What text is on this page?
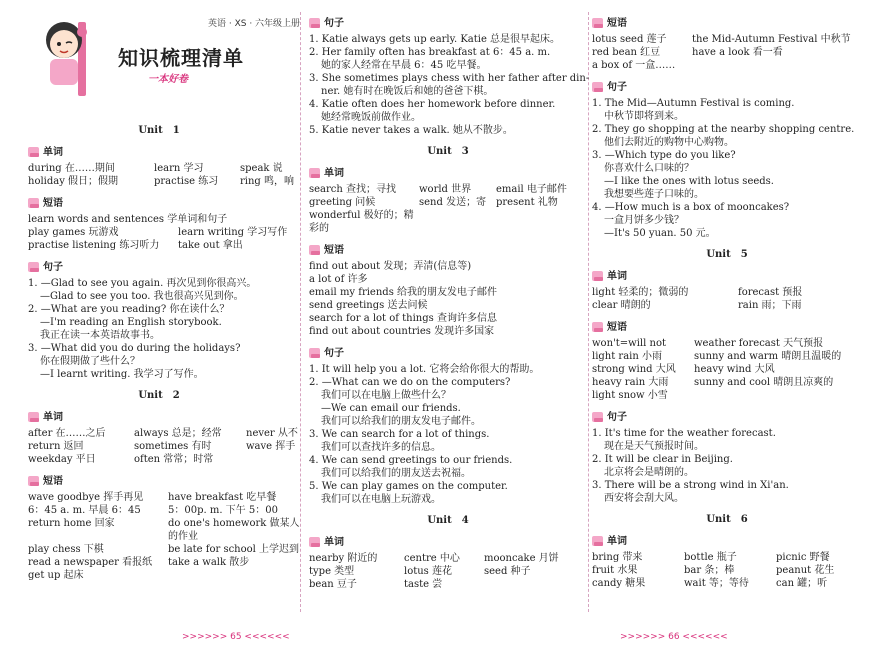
英语 · XS · 六年级上册
知识梳理清单
一本好卷
Unit　1
单词
during 在……期间	learn 学习	speak 说
holiday 假日；假期	practise 练习	ring 鸣，响
短语
learn words and sentences 学单词和句子
play games 玩游戏	learn writing 学习写作
practise listening 练习听力	take out 拿出
句子
1. —Glad to see you again. 再次见到你很高兴。
—Glad to see you too. 我也很高兴见到你。
2. —What are you reading? 你在读什么？
—I'm reading an English storybook.
我正在读一本英语故事书。
3. —What did you do during the holidays?
你在假期做了些什么？
—I learnt writing. 我学习了写作。
Unit　2
单词
after 在……之后	always 总是；经常	never 从不
return 返回	sometimes 有时	wave 挥手
weekday 平日	often 常常；时常
短语
wave goodbye 挥手再见	have breakfast 吃早餐
6：45 a. m. 早晨 6：45	5：00p. m. 下午 5：00
return home 回家	do one's homework 做某人
的作业
play chess 下棋	be late for school 上学迟到
read a newspaper 看报纸	take a walk 散步
get up 起床
>>>>>> 65 <<<<<<
句子
1. Katie always gets up early. Katie 总是很早起床。
2. Her family often has breakfast at 6：45 a. m.
她的家人经常在早晨 6：45 吃早餐。
3. She sometimes plays chess with her father after din-
ner. 她有时在晚饭后和她的爸爸下棋。
4. Katie often does her homework before dinner.
她经常晚饭前做作业。
5. Katie never takes a walk. 她从不散步。
Unit　3
单词
search 查找；寻找	world 世界	email 电子邮件
greeting 问候	send 发送；寄 present 礼物
wonderful 极好的；精彩的
短语
find out about 发现；弄清(信息等)
a lot of 许多
email my friends 给我的朋友发电子邮件
send greetings 送去问候
search for a lot of things 查询许多信息
find out about countries 发现许多国家
句子
1. It will help you a lot. 它将会给你很大的帮助。
2. —What can we do on the computers?
我们可以在电脑上做些什么？
—We can email our friends.
我们可以给我们的朋友发电子邮件。
3. We can search for a lot of things.
我们可以查找许多的信息。
4. We can send greetings to our friends.
我们可以给我们的朋友送去祝福。
5. We can play games on the computer.
我们可以在电脑上玩游戏。
Unit　4
单词
nearby 附近的	centre 中心	mooncake 月饼
type 类型	lotus 莲花	seed 种子
bean 豆子	taste 尝
短语
lotus seed 莲子	the Mid-Autumn Festival 中秋节
red bean 红豆	have a look 看一看
a box of 一盒……
句子
1. The Mid—Autumn Festival is coming.
中秋节即将到来。
2. They go shopping at the nearby shopping centre.
他们去附近的购物中心购物。
3. —Which type do you like?
你喜欢什么口味的？
—I like the ones with lotus seeds.
我想要些莲子口味的。
4. —How much is a box of mooncakes?
一盒月饼多少钱？
—It's 50 yuan. 50 元。
Unit　5
单词
light 轻柔的；微弱的	forecast 预报
clear 晴朗的	rain 雨；下雨
短语
won't=will not	weather forecast 天气预报
light rain 小雨	sunny and warm 晴朗且温暖的
strong wind 大风	heavy wind 大风
heavy rain 大雨	sunny and cool 晴朗且凉爽的
light snow 小雪
句子
1. It's time for the weather forecast.
现在是天气预报时间。
2. It will be clear in Beijing.
北京将会是晴朗的。
3. There will be a strong wind in Xi'an.
西安将会刮大风。
Unit　6
单词
bring 带来	bottle 瓶子	picnic 野餐
fruit 水果	bar 条；棒	peanut 花生
candy 糖果	wait 等；等待	can 罐；听
>>>>>> 66 <<<<<<
